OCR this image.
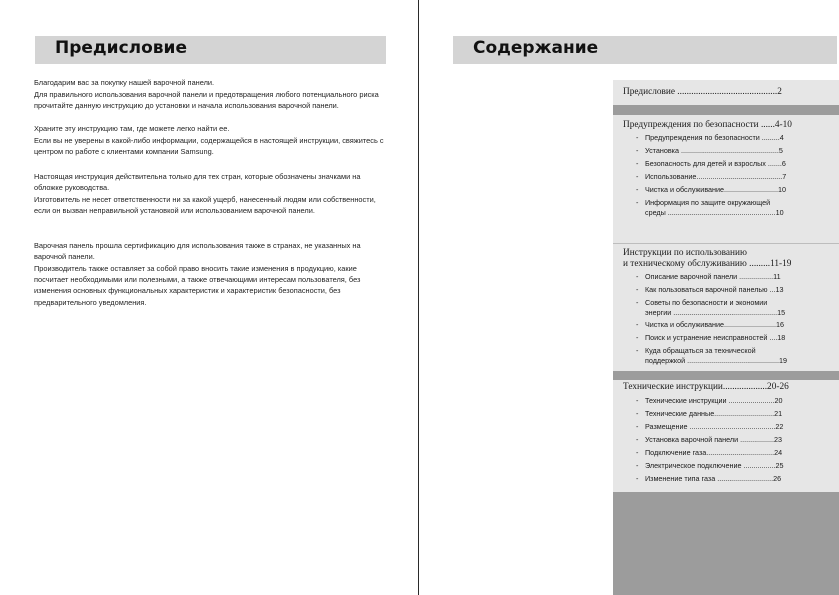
Предисловие

Благодарим вас за покупку нашей варочной панели.

Для правильного использования варочной панели и предотвращения любого потенциального риска прочитайте данную инструкцию до установки и начала использования варочной панели.

Храните эту инструкцию там, где можете легко найти ее.

Если вы не уверены в какой-либо информации, содержащейся в настоящей инструкции, свяжитесь с центром по работе с клиентами компании Samsung.

Настоящая инструкция действительна только для тех стран, которые обозначены значками на обложке руководства.

Изготовитель не несет ответственности ни за какой ущерб, нанесенный людям или собственности, если он вызван неправильной установкой или использованием варочной панели.

Варочная панель прошла сертификацию для использования также в странах, не указанных на варочной панели.

Производитель также оставляет за собой право вносить такие изменения в продукцию, какие посчитает необходимыми или полезными, а также отвечающими интересам пользователя, без изменения основных функциональных характеристик и характеристик безопасности, без предварительного уведомления.

Содержание
Предисловие ...........................................2
Предупреждения по безопасности ......4-10
- Предупреждения по безопасности .........4
- Установка .................................................5
- Безопасность для детей и взрослых .......6
- Использование...........................................7
- Чистка и обслуживание...........................10
- Информация по защите окружающей
среды ......................................................10
Инструкции по использованию
и техническому обслуживанию .........11-19
- Описание варочной панели .................11
- Как пользоваться варочной панелью ...13
- Советы по безопасности и экономии
энергии ....................................................15
- Чистка и обслуживание..........................16
- Поиск и устранение неисправностей ....18
- Куда обращаться за технической
поддержкой ..............................................19
Технические инструкции...................20-26
- Технические инструкции .......................20
- Технические данные..............................21
- Размещение ...........................................22
- Установка варочной панели .................23
- Подключение газа..................................24
- Электрическое подключение ................25
- Изменение типа газа ............................26
